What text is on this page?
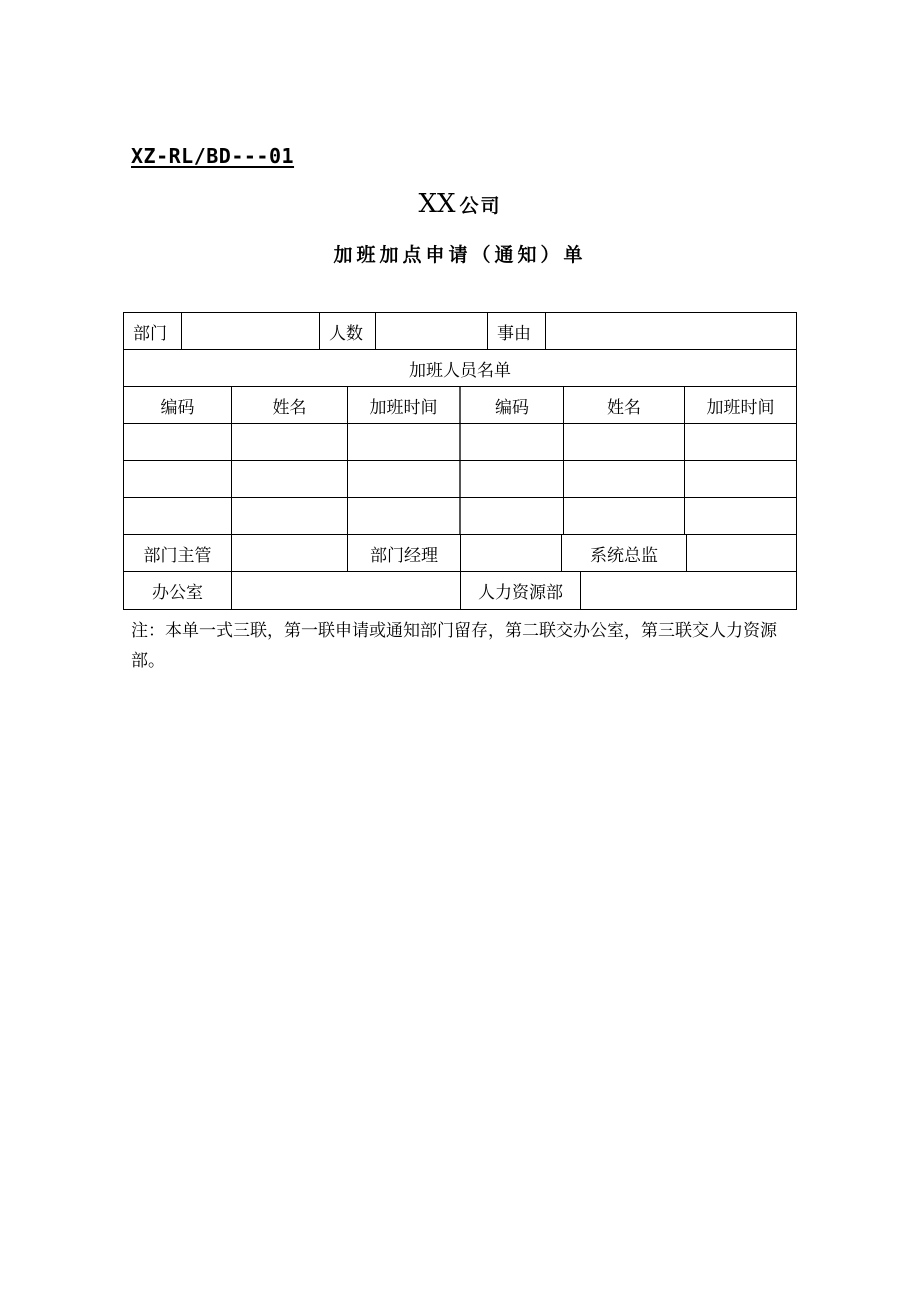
XZ-RL/BD---01
XX 公司
加班加点申请（通知）单
部门	人数	事由
加班人员名单
编码	姓名	加班时间	编码	姓名	加班时间
部门主管	部门经理	系统总监
办公室	人力资源部
注：本单一式三联，第一联申请或通知部门留存，第二联交办公室，第三联交人力资源部。
